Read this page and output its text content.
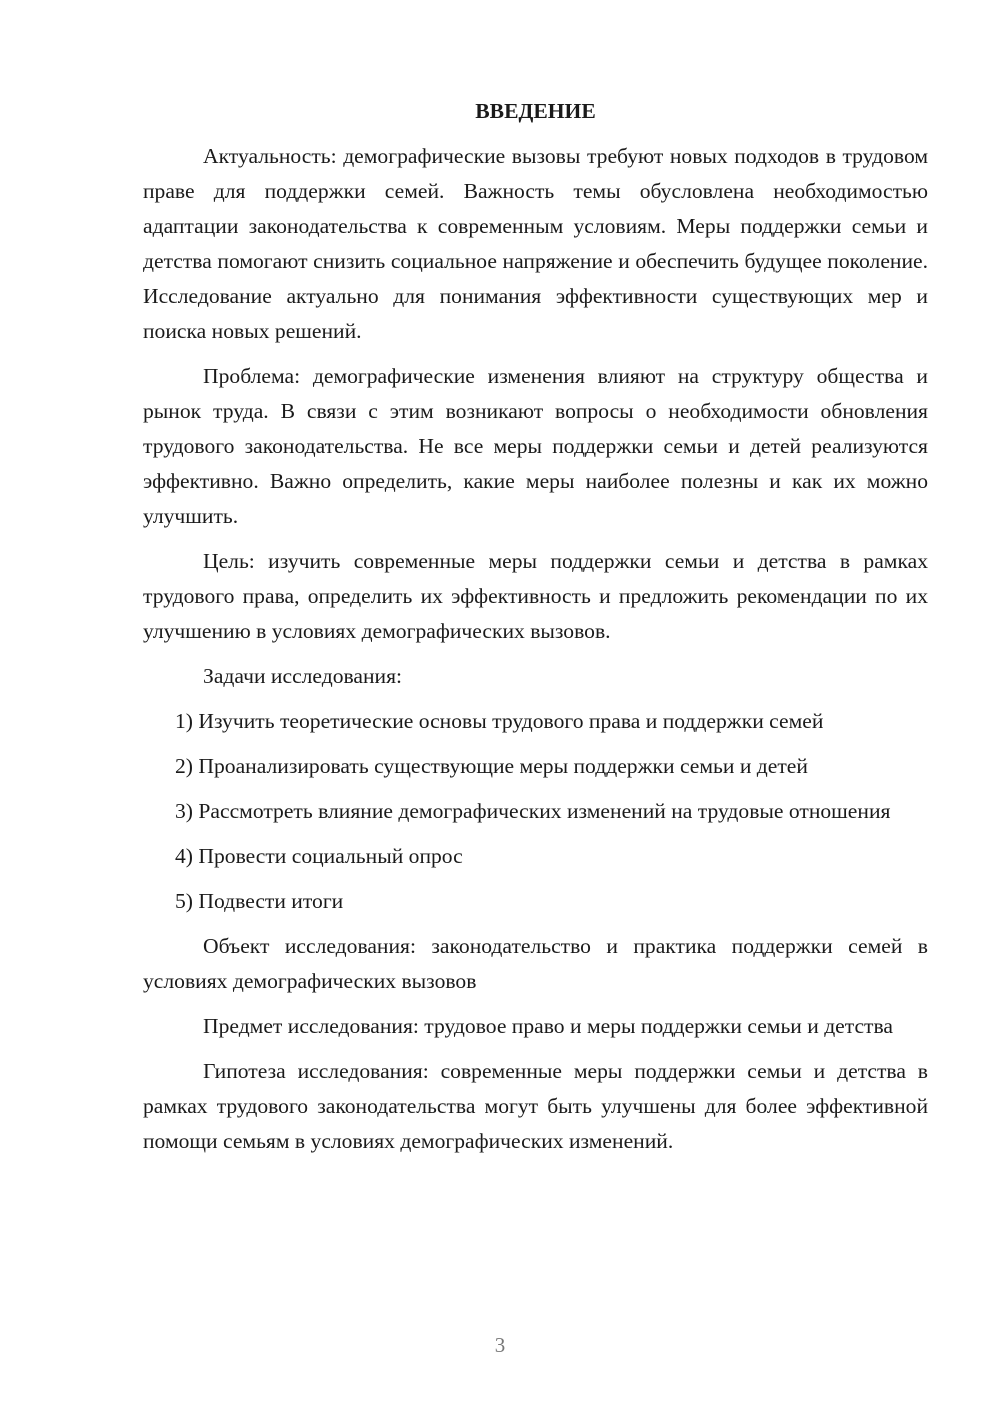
ВВЕДЕНИЕ

Актуальность: демографические вызовы требуют новых подходов в трудовом праве для поддержки семей. Важность темы обусловлена необходимостью адаптации законодательства к современным условиям. Меры поддержки семьи и детства помогают снизить социальное напряжение и обеспечить будущее поколение. Исследование актуально для понимания эффективности существующих мер и поиска новых решений.

Проблема: демографические изменения влияют на структуру общества и рынок труда. В связи с этим возникают вопросы о необходимости обновления трудового законодательства. Не все меры поддержки семьи и детей реализуются эффективно. Важно определить, какие меры наиболее полезны и как их можно улучшить.

Цель: изучить современные меры поддержки семьи и детства в рамках трудового права, определить их эффективность и предложить рекомендации по их улучшению в условиях демографических вызовов.

Задачи исследования:

1) Изучить теоретические основы трудового права и поддержки семей

2) Проанализировать существующие меры поддержки семьи и детей

3) Рассмотреть влияние демографических изменений на трудовые отношения

4) Провести социальный опрос

5) Подвести итоги

Объект исследования: законодательство и практика поддержки семей в условиях демографических вызовов

Предмет исследования: трудовое право и меры поддержки семьи и детства

Гипотеза исследования: современные меры поддержки семьи и детства в рамках трудового законодательства могут быть улучшены для более эффективной помощи семьям в условиях демографических изменений.

3
